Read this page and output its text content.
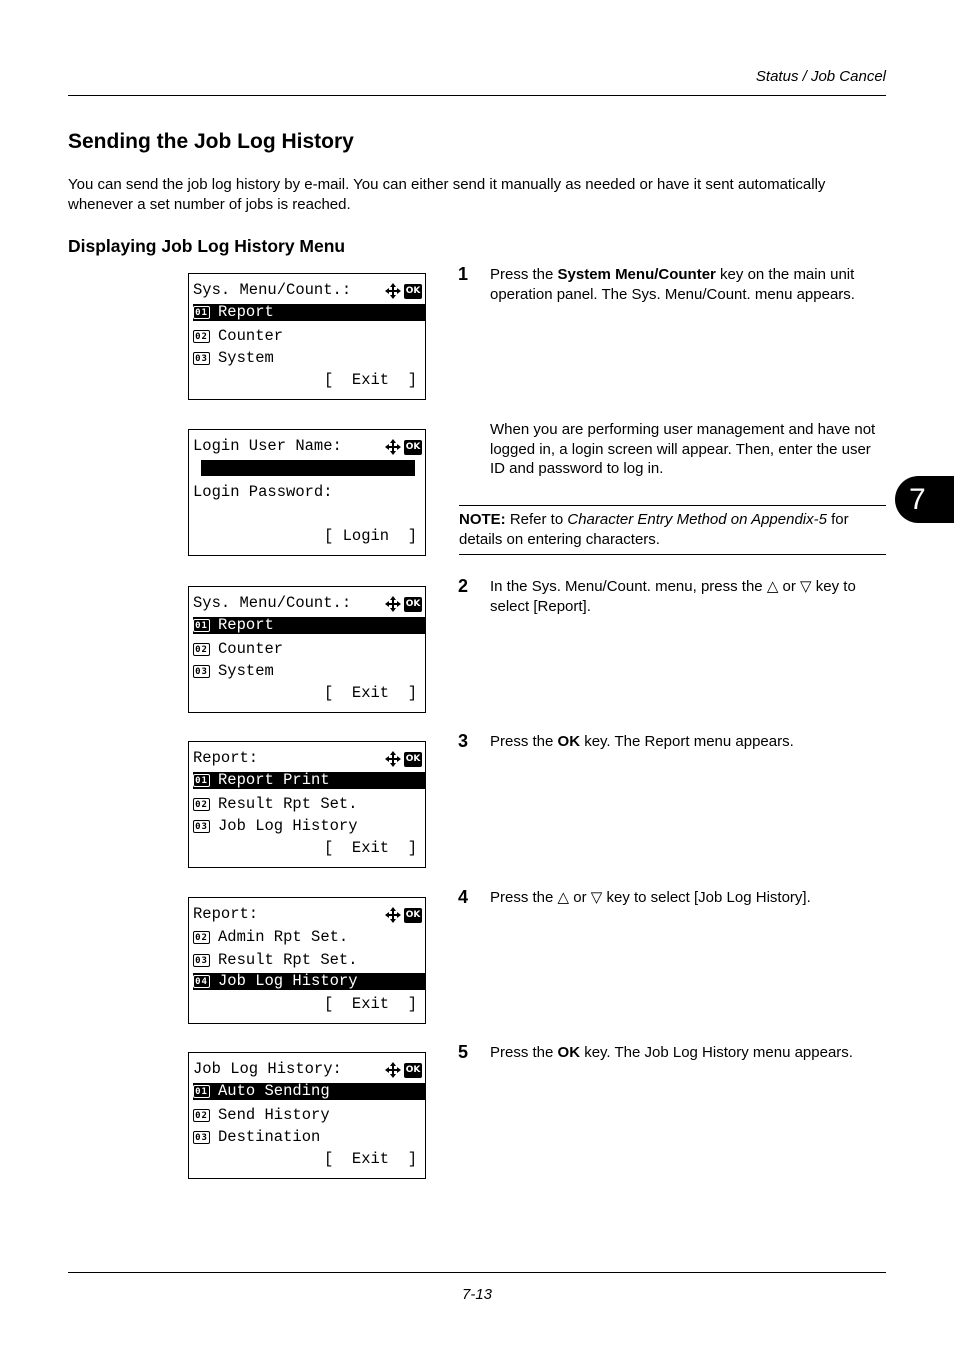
Status / Job Cancel
Sending the Job Log History
You can send the job log history by e-mail. You can either send it manually as needed or have it sent automatically whenever a set number of jobs is reached.
Displaying Job Log History Menu
Sys. Menu/Count.:	OK
01 Report
02 Counter
03 System
[  Exit  ]
Login User Name:	OK
Login Password:
[ Login  ]
Sys. Menu/Count.:	OK
01 Report
02 Counter
03 System
[  Exit  ]
Report:	OK
01 Report Print
02 Result Rpt Set.
03 Job Log History
[  Exit  ]
Report:	OK
02 Admin Rpt Set.
03 Result Rpt Set.
04 Job Log History
[  Exit  ]
Job Log History:	OK
01 Auto Sending
02 Send History
03 Destination
[  Exit  ]
1 Press the System Menu/Counter key on the main unit operation panel. The Sys. Menu/Count. menu appears.
When you are performing user management and have not logged in, a login screen will appear. Then, enter the user ID and password to log in.
NOTE: Refer to Character Entry Method on Appendix-5 for details on entering characters.
2 In the Sys. Menu/Count. menu, press the △ or ▽ key to select [Report].
3 Press the OK key. The Report menu appears.
4 Press the △ or ▽ key to select [Job Log History].
5 Press the OK key. The Job Log History menu appears.
7
7-13
